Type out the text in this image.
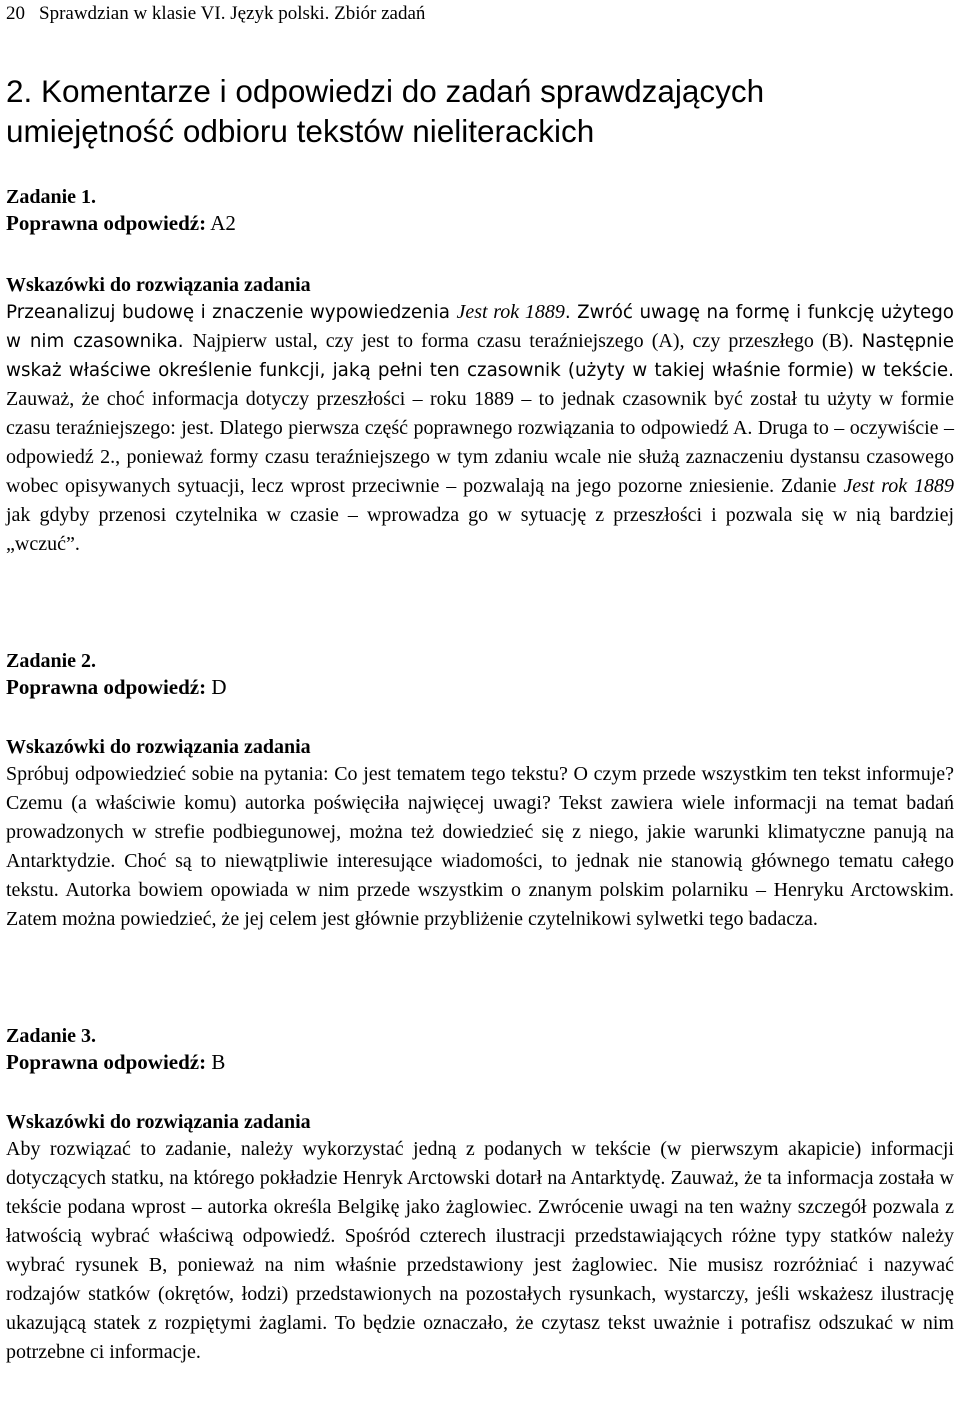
20 Sprawdzian w klasie VI. Język polski. Zbiór zadań
2. Komentarze i odpowiedzi do zadań sprawdzających
umiejętność odbioru tekstów nieliterackich

Zadanie 1.

Poprawna odpowiedź: A2

Wskazówki do rozwiązania zadania

Przeanalizuj budowę i znaczenie wypowiedzenia Jest rok 1889. Zwróć uwagę na formę i funkcję użytego w nim czasownika. Najpierw ustal, czy jest to forma czasu teraźniejszego (A), czy przeszłego (B). Następnie wskaż właściwe określenie funkcji, jaką pełni ten czasownik (użyty w takiej właśnie formie) w tekście. Zauważ, że choć informacja dotyczy przeszłości – roku 1889 – to jednak czasownik być został tu użyty w formie czasu teraźniejszego: jest. Dlatego pierwsza część poprawnego rozwiązania to odpowiedź A. Druga to – oczywiście – odpowiedź 2., ponieważ formy czasu teraźniejszego w tym zdaniu wcale nie służą zaznaczeniu dystansu czasowego wobec opisywanych sytuacji, lecz wprost przeciwnie – pozwalają na jego pozorne zniesienie. Zdanie Jest rok 1889 jak gdyby przenosi czytelnika w czasie – wprowadza go w sytuację z przeszłości i pozwala się w nią bardziej „wczuć”.

Zadanie 2.

Poprawna odpowiedź: D

Wskazówki do rozwiązania zadania

Spróbuj odpowiedzieć sobie na pytania: Co jest tematem tego tekstu? O czym przede wszystkim ten tekst informuje? Czemu (a właściwie komu) autorka poświęciła najwięcej uwagi? Tekst zawiera wiele informacji na temat badań prowadzonych w strefie podbiegunowej, można też dowiedzieć się z niego, jakie warunki klimatyczne panują na Antarktydzie. Choć są to niewątpliwie interesujące wiadomości, to jednak nie stanowią głównego tematu całego tekstu. Autorka bowiem opowiada w nim przede wszystkim o znanym polskim polarniku – Henryku Arctowskim. Zatem można powiedzieć, że jej celem jest głównie przybliżenie czytelnikowi sylwetki tego badacza.

Zadanie 3.

Poprawna odpowiedź: B

Wskazówki do rozwiązania zadania

Aby rozwiązać to zadanie, należy wykorzystać jedną z podanych w tekście (w pierwszym akapicie) informacji dotyczących statku, na którego pokładzie Henryk Arctowski dotarł na Antarktydę. Zauważ, że ta informacja została w tekście podana wprost – autorka określa Belgikę jako żaglowiec. Zwrócenie uwagi na ten ważny szczegół pozwala z łatwością wybrać właściwą odpowiedź. Spośród czterech ilustracji przedstawiających różne typy statków należy wybrać rysunek B, ponieważ na nim właśnie przedstawiony jest żaglowiec. Nie musisz rozróżniać i nazywać rodzajów statków (okrętów, łodzi) przedstawionych na pozostałych rysunkach, wystarczy, jeśli wskażesz ilustrację ukazującą statek z rozpiętymi żaglami. To będzie oznaczało, że czytasz tekst uważnie i potrafisz odszukać w nim potrzebne ci informacje.
